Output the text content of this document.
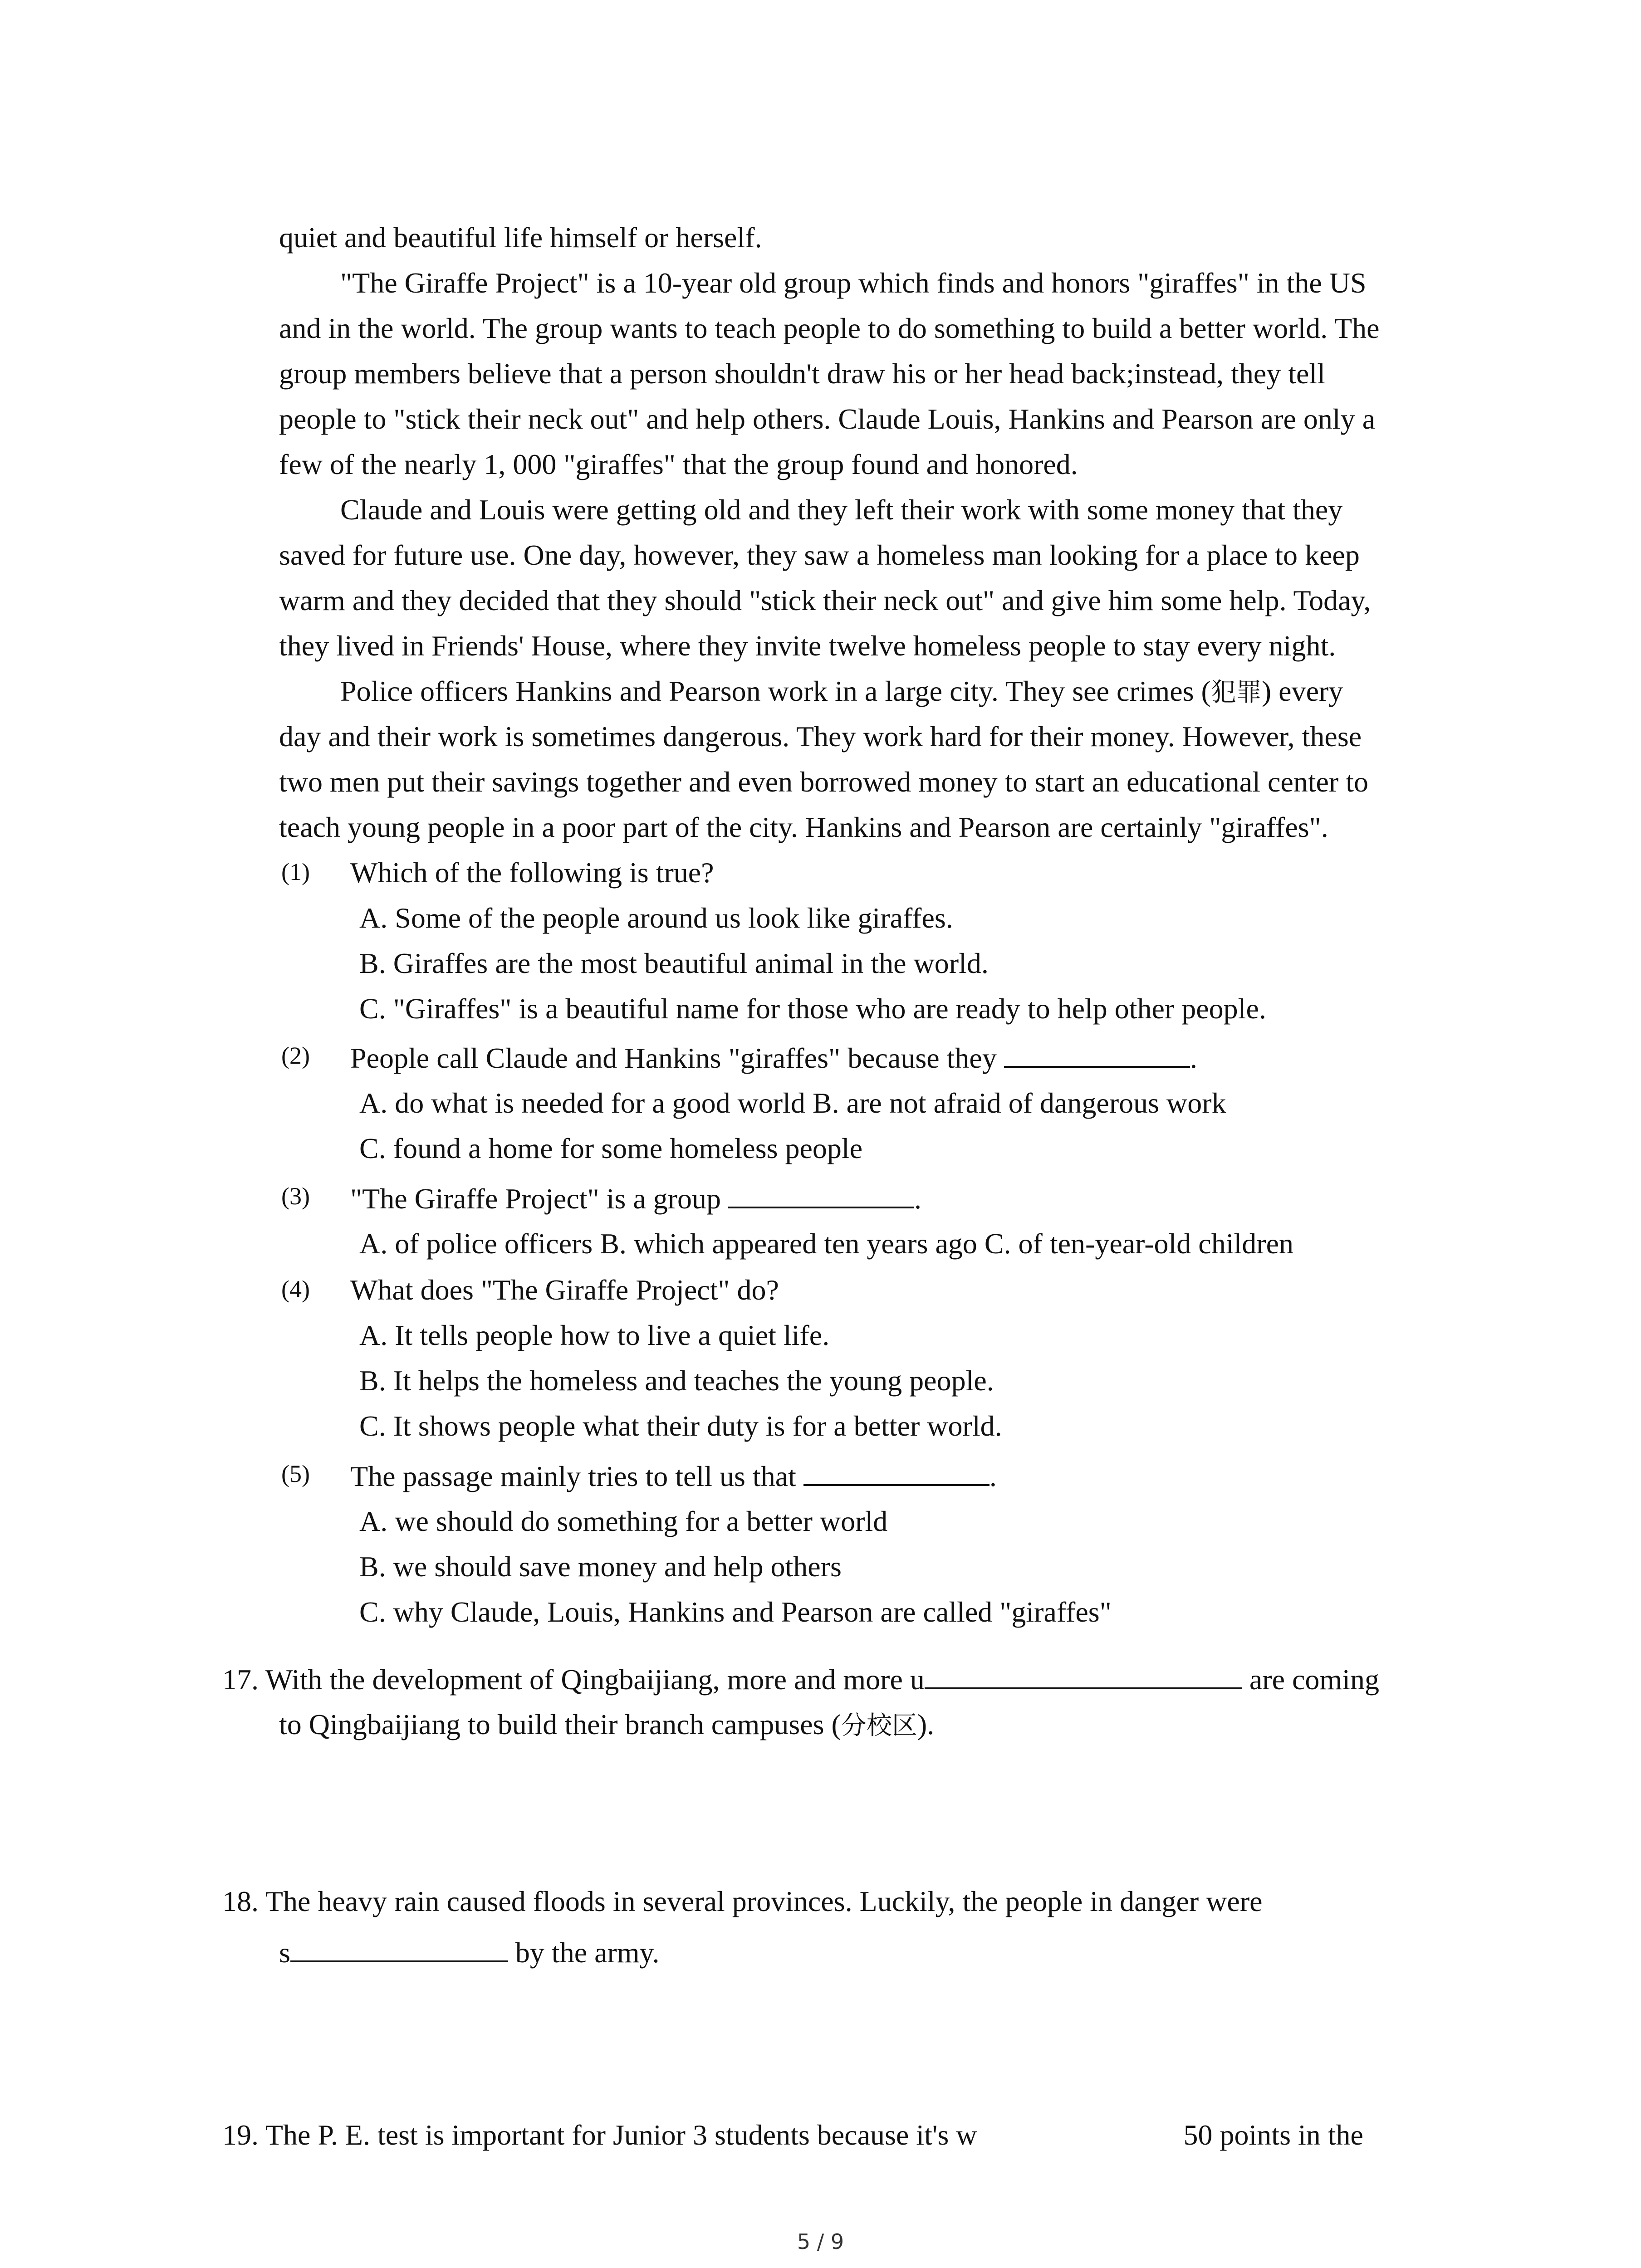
quiet and beautiful life himself or herself.
"The Giraffe Project" is a 10-year old group which finds and honors "giraffes" in the US
and in the world. The group wants to teach people to do something to build a better world. The
group members believe that a person shouldn't draw his or her head back;instead, they tell
people to "stick their neck out" and help others. Claude Louis, Hankins and Pearson are only a
few of the nearly 1, 000 "giraffes" that the group found and honored.
Claude and Louis were getting old and they left their work with some money that they
saved for future use. One day, however, they saw a homeless man looking for a place to keep
warm and they decided that they should "stick their neck out" and give him some help. Today,
they lived in Friends' House, where they invite twelve homeless people to stay every night.
Police officers Hankins and Pearson work in a large city. They see crimes (犯罪) every
day and their work is sometimes dangerous. They work hard for their money. However, these
two men put their savings together and even borrowed money to start an educational center to
teach young people in a poor part of the city. Hankins and Pearson are certainly "giraffes".
(1) Which of the following is true?
A. Some of the people around us look like giraffes.
B. Giraffes are the most beautiful animal in the world.
C. "Giraffes" is a beautiful name for those who are ready to help other people.
(2) People call Claude and Hankins "giraffes" because they	.
A. do what is needed for a good world B. are not afraid of dangerous work
C. found a home for some homeless people
(3) "The Giraffe Project" is a group	.
A. of police officers B. which appeared ten years ago C. of ten-year-old children
(4) What does "The Giraffe Project" do?
A. It tells people how to live a quiet life.
B. It helps the homeless and teaches the young people.
C. It shows people what their duty is for a better world.
(5) The passage mainly tries to tell us that	.
A. we should do something for a better world
B. we should save money and help others
C. why Claude, Louis, Hankins and Pearson are called "giraffes"
17. With the development of Qingbaijiang, more and more u	are coming
to Qingbaijiang to build their branch campuses (分校区).
18. The heavy rain caused floods in several provinces. Luckily, the people in danger were
s	by the army.
19. The P. E. test is important for Junior 3 students because it's w	50 points in the
5 / 9
